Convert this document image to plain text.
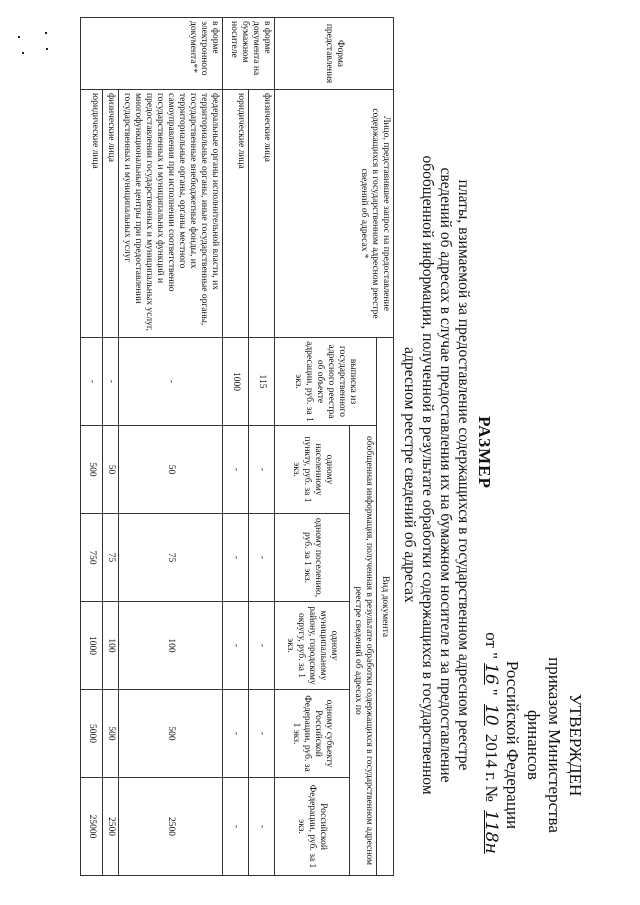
УТВЕРЖДЕН
приказом Министерства финансов
Российской Федерации
от "16" 10 2014 г. № 118н
РАЗМЕР
платы, взимаемой за предоставление содержащихся в государственном адресном реестре сведений об адресах в случае предоставления их на бумажном носителе и за предоставление обобщенной информации, полученной в результате обработки содержащихся в государственном адресном реестре сведений об адресах
Форма представления	Лицо, представившее запрос на предоставление содержащихся в государственном адресном реестре сведений об адресах *	Вид документа					
		выписка из государственного адресного реестра об объекте адресации, руб. за 1 экз.	обобщенная информация, полученная в результате обработки содержащихся в государственном адресном реестре сведений об адресах по				
			одному населенному пункту, руб. за 1 экз.	одному поселению, руб. за 1 экз.	одному муниципальному району, городскому округу, руб. за 1 экз.	одному субъекту Российской Федерации, руб. за 1 экз.	Российской Федерации, руб. за 1 экз.
в форме документа на бумажном носителе	физические лица	115	-	-	-	-	-
	юридические лица	1000	-	-	-	-	-
в форме электронного документа**	федеральные органы исполнительной власти, их территориальные органы, иные государственные органы, государственные внебюджетные фонды, их территориальные органы, органы местного самоуправления при исполнении соответственно государственных и муниципальных функций и предоставлении государственных и муниципальных услуг, многофункциональные центры при предоставлении государственных и муниципальных услуг	-	50	75	100	500	2500
	физические лица	-	50	75	100	500	2500
	юридические лица	-	500	750	1000	5000	25000
